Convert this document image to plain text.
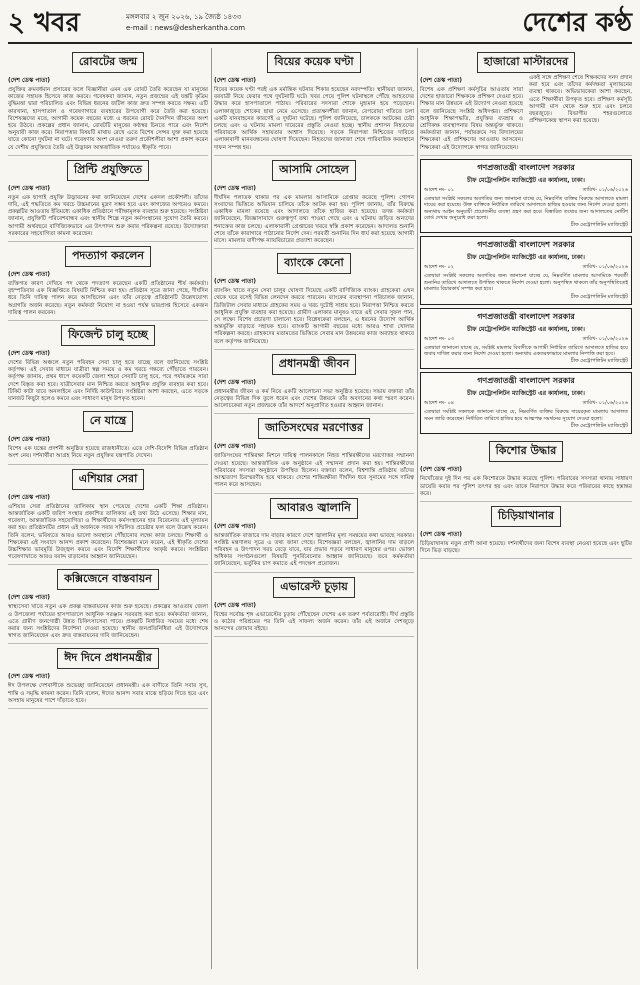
২ খবর	মঙ্গলবার ২ জুন ২০২৬, ১৯ জ্যৈষ্ঠ ১৪৩৩
e-mail : news@desherkantha.com	দেশের কণ্ঠ
রোবটের জন্ম
(দেশ ডেস্ক পাতা)
প্রযুক্তির ক্রমবর্ধমান প্রসারের ফলে বিজ্ঞানীরা এমন এক রোবট তৈরি করেছেন যা মানুষের কাজের সহায়ক হিসেবে কাজ করবে। গবেষকরা জানান, নতুন প্রজন্মের এই যন্ত্রটি কৃত্রিম বুদ্ধিমত্তা দ্বারা পরিচালিত এবং বিভিন্ন ধরনের জটিল কাজ দ্রুত সম্পন্ন করতে সক্ষম। এটি কারখানা, হাসপাতাল ও গবেষণাগারে ব্যবহারের উপযোগী করে তৈরি করা হয়েছে। বিশেষজ্ঞদের মতে, আগামী কয়েক বছরের মধ্যে এ ধরনের রোবট দৈনন্দিন জীবনের অংশ হয়ে উঠবে। প্রকল্পের প্রধান জানান, রোবটটি মানুষের কণ্ঠস্বর চিনতে পারে এবং নির্দেশ অনুযায়ী কাজ করে। নিরাপত্তার বিষয়টি মাথায় রেখে এতে বিশেষ সেন্সর যুক্ত করা হয়েছে যাতে কোনো দুর্ঘটনা না ঘটে। গবেষণায় অংশ নেওয়া তরুণ প্রকৌশলীরা আশা প্রকাশ করেন যে দেশীয় প্রযুক্তিতে তৈরি এই উদ্ভাবন আন্তর্জাতিক পর্যায়েও স্বীকৃতি পাবে।
প্রিন্টি প্রযুক্তিতে
(দেশ ডেস্ক পাতা)
নতুন এক ছাপাই প্রযুক্তি উদ্ভাবনের কথা জানিয়েছেন দেশের একদল প্রকৌশলী। তাঁদের দাবি, এই পদ্ধতিতে কম খরচে উচ্চমানের মুদ্রণ সম্ভব হবে এবং কাগজের অপচয়ও কমবে। প্রকল্পটির আওতায় ইতিমধ্যে একাধিক প্রতিষ্ঠানে পরীক্ষামূলক ব্যবহার শুরু হয়েছে। সংশ্লিষ্টরা জানান, প্রযুক্তিটি পরিবেশবান্ধব এবং স্থানীয় শিল্পে নতুন কর্মসংস্থানের সুযোগ তৈরি করবে। আগামী অর্থবছরে বাণিজ্যিকভাবে এর উৎপাদন শুরু করার পরিকল্পনা রয়েছে। উদ্যোক্তারা সরকারের সহযোগিতা কামনা করেছেন।
পদত্যাগ করলেন
(দেশ ডেস্ক পাতা)
ব্যক্তিগত কারণ দেখিয়ে পদ থেকে পদত্যাগ করেছেন একটি প্রতিষ্ঠানের শীর্ষ কর্মকর্তা। বৃহস্পতিবার এক বিজ্ঞপ্তিতে বিষয়টি নিশ্চিত করা হয়। প্রতিষ্ঠান সূত্রে জানা গেছে, দীর্ঘদিন ধরে তিনি দায়িত্ব পালন করে আসছিলেন এবং তাঁর নেতৃত্বে প্রতিষ্ঠানটি উল্লেখযোগ্য অগ্রগতি অর্জন করেছে। নতুন কর্মকর্তা নিয়োগ না হওয়া পর্যন্ত ভারপ্রাপ্ত হিসেবে একজন দায়িত্ব পালন করবেন।
ফিজেন্ট চালু হচ্ছে
(দেশ ডেস্ক পাতা)
দেশের বিভিন্ন অঞ্চলে নতুন পরিবহন সেবা চালু হতে যাচ্ছে বলে জানিয়েছে সংশ্লিষ্ট কর্তৃপক্ষ। এই সেবার মাধ্যমে যাত্রীরা স্বল্প সময়ে ও কম খরচে গন্তব্যে পৌঁছাতে পারবেন। কর্তৃপক্ষ জানায়, প্রথম ধাপে কয়েকটি জেলা শহরে সেবাটি চালু হবে, পরে পর্যায়ক্রমে সারা দেশে বিস্তৃত করা হবে। যাত্রীসেবার মান নিশ্চিত করতে আধুনিক প্রযুক্তি ব্যবহার করা হবে। টিকিট কাটা যাবে অনলাইনে এবং নির্দিষ্ট কাউন্টারে। সংশ্লিষ্টরা আশা করছেন, এতে সড়কে যানজট কিছুটা হলেও কমবে এবং সাধারণ মানুষ উপকৃত হবেন।
নে যান্ত্রে
(দেশ ডেস্ক পাতা)
বিশেষ এক যন্ত্রের প্রদর্শনী অনুষ্ঠিত হয়েছে রাজধানীতে। এতে দেশি-বিদেশি বিভিন্ন প্রতিষ্ঠান অংশ নেয়। দর্শনার্থীরা আগ্রহ নিয়ে নতুন প্রযুক্তির যন্ত্রপাতি দেখেন।
এশিয়ার সেরা
(দেশ ডেস্ক পাতা)
এশিয়ার সেরা প্রতিষ্ঠানের তালিকায় স্থান পেয়েছে দেশের একটি শিক্ষা প্রতিষ্ঠান। আন্তর্জাতিক একটি জরিপ সংস্থার প্রকাশিত তালিকায় এই তথ্য উঠে এসেছে। শিক্ষার মান, গবেষণা, আন্তর্জাতিক সহযোগিতা ও শিক্ষার্থীদের কর্মসংস্থানের হার বিবেচনায় এই মূল্যায়ন করা হয়। প্রতিষ্ঠানটির প্রধান এই অর্জনকে সবার সম্মিলিত প্রচেষ্টার ফল বলে উল্লেখ করেন। তিনি বলেন, ভবিষ্যতে আরও ভালো অবস্থানে পৌঁছানোর লক্ষ্যে কাজ চলছে। শিক্ষার্থী ও শিক্ষকেরা এই সংবাদে আনন্দ প্রকাশ করেছেন। বিশেষজ্ঞরা মনে করেন, এই স্বীকৃতি দেশের উচ্চশিক্ষার ভাবমূর্তি উজ্জ্বল করবে এবং বিদেশি শিক্ষার্থীদের আকৃষ্ট করবে। সংশ্লিষ্টরা গবেষণাখাতে আরও বরাদ্দ বাড়ানোর আহ্বান জানিয়েছেন।
কক্সিজেনে বাস্তবায়ন
(দেশ ডেস্ক পাতা)
স্বাস্থ্যসেবা খাতে নতুন এক প্রকল্প বাস্তবায়নের কাজ শুরু হয়েছে। প্রকল্পের আওতায় জেলা ও উপজেলা পর্যায়ের হাসপাতালে আধুনিক সরঞ্জাম সরবরাহ করা হবে। কর্মকর্তারা জানান, এতে গ্রামীণ জনগোষ্ঠী উন্নত চিকিৎসাসেবা পাবে। প্রকল্পটি নির্ধারিত সময়ের মধ্যে শেষ করার জন্য সংশ্লিষ্টদের নির্দেশনা দেওয়া হয়েছে। স্থানীয় জনপ্রতিনিধিরা এই উদ্যোগকে স্বাগত জানিয়েছেন এবং দ্রুত বাস্তবায়নের দাবি জানিয়েছেন।
ঈদ দিনে প্রধানমন্ত্রীর
(দেশ ডেস্ক পাতা)
ঈদ উপলক্ষে দেশবাসীকে শুভেচ্ছা জানিয়েছেন প্রধানমন্ত্রী। এক বাণীতে তিনি সবার সুখ, শান্তি ও সমৃদ্ধি কামনা করেন। তিনি বলেন, ঈদের আনন্দ সবার মাঝে ছড়িয়ে দিতে হবে এবং অসহায় মানুষের পাশে দাঁড়াতে হবে।
বিয়ের কয়েক ঘণ্টা
(দেশ ডেস্ক পাতা)
বিয়ের কয়েক ঘণ্টা পরই এক মর্মান্তিক ঘটনার শিকার হয়েছেন নবদম্পতি। স্থানীয়রা জানান, বরযাত্রী নিয়ে ফেরার পথে দুর্ঘটনাটি ঘটে। খবর পেয়ে পুলিশ ঘটনাস্থলে পৌঁছে আহতদের উদ্ধার করে হাসপাতালে পাঠায়। পরিবারের সদস্যরা শোকে মুহ্যমান হয়ে পড়েছেন। এলাকাজুড়ে শোকের ছায়া নেমে এসেছে। প্রত্যক্ষদর্শীরা জানান, বেপরোয়া গতিতে চলা একটি যানবাহনের কারণেই এ দুর্ঘটনা ঘটেছে। পুলিশ জানিয়েছে, চালককে আটকের চেষ্টা চলছে এবং এ ঘটনায় মামলা দায়েরের প্রস্তুতি নেওয়া হচ্ছে। স্থানীয় প্রশাসন নিহতদের পরিবারকে আর্থিক সহায়তার আশ্বাস দিয়েছে। সড়কে নিরাপত্তা নিশ্চিতের দাবিতে এলাকাবাসী মানববন্ধনের ঘোষণা দিয়েছেন। নিহতদের জানাজা শেষে পারিবারিক কবরস্থানে দাফন সম্পন্ন হয়।
আসামি সোহেল
(দেশ ডেস্ক পাতা)
দীর্ঘদিন পলাতক থাকার পর এক মামলার আসামিকে গ্রেপ্তার করেছে পুলিশ। গোপন সংবাদের ভিত্তিতে অভিযান চালিয়ে তাঁকে আটক করা হয়। পুলিশ জানায়, তাঁর বিরুদ্ধে একাধিক মামলা রয়েছে এবং আদালতে তাঁকে হাজির করা হয়েছে। তদন্ত কর্মকর্তা জানিয়েছেন, জিজ্ঞাসাবাদে গুরুত্বপূর্ণ তথ্য পাওয়া গেছে এবং এ ঘটনায় জড়িত অন্যদের শনাক্তের কাজ চলছে। এলাকাবাসী গ্রেপ্তারের খবরে স্বস্তি প্রকাশ করেছেন। আদালত শুনানি শেষে তাঁকে কারাগারে পাঠানোর নির্দেশ দেন। পরবর্তী শুনানির দিন ধার্য করা হয়েছে আগামী মাসে। মামলার বাদীপক্ষ ন্যায়বিচারের প্রত্যাশা করেছেন।
ব্যাংকে কেনো
(দেশ ডেস্ক পাতা)
ব্যাংকিং খাতে নতুন সেবা চালুর ঘোষণা দিয়েছে একটি বাণিজ্যিক ব্যাংক। গ্রাহকেরা এখন থেকে ঘরে বসেই বিভিন্ন লেনদেন করতে পারবেন। ব্যাংকের ব্যবস্থাপনা পরিচালক জানান, ডিজিটাল সেবার মাধ্যমে গ্রাহকের সময় ও খরচ দুটোই সাশ্রয় হবে। নিরাপত্তা নিশ্চিত করতে আধুনিক প্রযুক্তি ব্যবহার করা হয়েছে। গ্রামীণ এলাকার মানুষও যাতে এই সেবার সুফল পান, সে লক্ষ্যে বিশেষ প্রচারণা চালানো হবে। বিশ্লেষকেরা বলছেন, এ ধরনের উদ্যোগ আর্থিক অন্তর্ভুক্তি বাড়াতে সহায়ক হবে। ব্যাংকটি আগামী বছরের মধ্যে আরও শাখা খোলার পরিকল্পনা করছে। গ্রাহকদের মতামতের ভিত্তিতে সেবার মান উন্নয়নের কাজ অব্যাহত থাকবে বলে কর্তৃপক্ষ জানিয়েছে।
প্রধানমন্ত্রী জীবন
(দেশ ডেস্ক পাতা)
প্রধানমন্ত্রীর জীবন ও কর্ম নিয়ে একটি আলোচনা সভা অনুষ্ঠিত হয়েছে। সভায় বক্তারা তাঁর নেতৃত্বের বিভিন্ন দিক তুলে ধরেন এবং দেশের উন্নয়নে তাঁর অবদানের কথা স্মরণ করেন। আলোচকেরা নতুন প্রজন্মকে তাঁর আদর্শে অনুপ্রাণিত হওয়ার আহ্বান জানান।
জাতিসংঘের মরণোত্তর
(দেশ ডেস্ক পাতা)
জাতিসংঘের শান্তিরক্ষা মিশনে দায়িত্ব পালনকালে নিহত শান্তিরক্ষীদের মরণোত্তর সম্মাননা দেওয়া হয়েছে। আন্তর্জাতিক এক অনুষ্ঠানে এই সম্মাননা প্রদান করা হয়। শান্তিরক্ষীদের পরিবারের সদস্যরা অনুষ্ঠানে উপস্থিত ছিলেন। বক্তারা বলেন, বিশ্বশান্তি প্রতিষ্ঠায় তাঁদের আত্মত্যাগ চিরস্মরণীয় হয়ে থাকবে। দেশের শান্তিরক্ষীরা দীর্ঘদিন ধরে সুনামের সঙ্গে দায়িত্ব পালন করে আসছেন।
আবারও জ্বালানি
(দেশ ডেস্ক পাতা)
আন্তর্জাতিক বাজারে দাম বাড়ার কারণে দেশে জ্বালানির মূল্য সমন্বয়ের কথা ভাবছে সরকার। সংশ্লিষ্ট মন্ত্রণালয় সূত্রে এ তথ্য জানা গেছে। বিশেষজ্ঞরা বলছেন, জ্বালানির দাম বাড়লে পরিবহন ও উৎপাদন খরচ বেড়ে যাবে, যার প্রভাব পড়বে সাধারণ মানুষের ওপর। ভোক্তা অধিকার সংগঠনগুলো বিষয়টি পুনর্বিবেচনার আহ্বান জানিয়েছে। তবে কর্মকর্তারা জানিয়েছেন, ভর্তুকির চাপ কমাতে এই পদক্ষেপ প্রয়োজন।
এভারেস্ট চূড়ায়
(দেশ ডেস্ক পাতা)
বিশ্বের সর্বোচ্চ শৃঙ্গ এভারেস্টের চূড়ায় পৌঁছেছেন দেশের এক তরুণ পর্বতারোহী। দীর্ঘ প্রস্তুতি ও কঠোর পরিশ্রমের পর তিনি এই সাফল্য অর্জন করেন। তাঁর এই অর্জনে দেশজুড়ে আনন্দের জোয়ার বইছে।
হাজারো মাস্টারদের
(দেশ ডেস্ক পাতা)
বিশেষ এক প্রশিক্ষণ কর্মসূচির আওতায় সারা দেশের হাজারো শিক্ষককে প্রশিক্ষণ দেওয়া হবে। শিক্ষার মান উন্নয়নে এই উদ্যোগ নেওয়া হয়েছে বলে জানিয়েছে সংশ্লিষ্ট অধিদপ্তর। প্রশিক্ষণে আধুনিক শিক্ষাপদ্ধতি, প্রযুক্তির ব্যবহার ও শ্রেণিকক্ষ ব্যবস্থাপনার বিষয় অন্তর্ভুক্ত থাকবে। কর্মকর্তারা জানান, পর্যায়ক্রমে সব বিদ্যালয়ের শিক্ষকেরা এই প্রশিক্ষণের আওতায় আসবেন। শিক্ষকেরা এই উদ্যোগকে স্বাগত জানিয়েছেন।
একই সঙ্গে প্রশিক্ষণ শেষে শিক্ষকদের সনদ প্রদান করা হবে এবং তাঁদের কর্মদক্ষতা মূল্যায়নের ব্যবস্থা থাকবে। অভিভাবকেরা আশা করছেন, এতে শিক্ষার্থীরা উপকৃত হবে। প্রশিক্ষণ কর্মসূচি আগামী মাস থেকে শুরু হবে এবং চলবে বছরজুড়ে। বিভাগীয় শহরগুলোতে প্রশিক্ষণকেন্দ্র স্থাপন করা হয়েছে।
গণপ্রজাতন্ত্রী বাংলাদেশ সরকার
চীফ মেট্রোপলিটন ম্যাজিস্ট্রেট এর কার্যালয়, ঢাকা।
আদেশ নং- ০১	তারিখ- ০১/০৬/২০২৬
এতদ্বারা সংশ্লিষ্ট সকলের অবগতির জন্য জানানো যাচ্ছে যে, নিম্নবর্ণিত ব্যক্তির বিরুদ্ধে আদালতে মামলা দায়ের করা হয়েছে। উক্ত ব্যক্তিকে নির্ধারিত তারিখে আদালতে হাজির হওয়ার জন্য নির্দেশ দেওয়া হলো। অন্যথায় আইন অনুযায়ী প্রয়োজনীয় ব্যবস্থা গ্রহণ করা হবে। বিস্তারিত তথ্যের জন্য আদালতের নোটিশ বোর্ড দেখার অনুরোধ করা হলো।
চীফ মেট্রোপলিটন ম্যাজিস্ট্রেট
গণপ্রজাতন্ত্রী বাংলাদেশ সরকার
চীফ মেট্রোপলিটন ম্যাজিস্ট্রেট এর কার্যালয়, ঢাকা।
আদেশ নং- ০২	তারিখ- ০১/০৬/২০২৬
এতদ্বারা সংশ্লিষ্ট সকলের অবগতির জন্য জানানো যাচ্ছে যে, নিম্নবর্ণিত মামলার আসামিকে পরবর্তী শুনানির তারিখে আদালতে উপস্থিত থাকতে নির্দেশ দেওয়া হলো। অনুপস্থিত থাকলে তাঁর অনুপস্থিতিতেই মামলার বিচারকার্য সম্পন্ন করা হবে।
চীফ মেট্রোপলিটন ম্যাজিস্ট্রেট
গণপ্রজাতন্ত্রী বাংলাদেশ সরকার
চীফ মেট্রোপলিটন ম্যাজিস্ট্রেট এর কার্যালয়, ঢাকা।
আদেশ নং- ০৩	তারিখ- ০১/০৬/২০২৬
এতদ্বারা জানানো যাচ্ছে যে, সংশ্লিষ্ট মামলার বিবাদীকে আগামী নির্ধারিত তারিখে আদালতে হাজির হয়ে জবাব দাখিল করার জন্য নির্দেশ দেওয়া হলো। অন্যথায় একতরফাভাবে মামলার নিষ্পত্তি করা হবে।
চীফ মেট্রোপলিটন ম্যাজিস্ট্রেট
গণপ্রজাতন্ত্রী বাংলাদেশ সরকার
চীফ মেট্রোপলিটন ম্যাজিস্ট্রেট এর কার্যালয়, ঢাকা।
আদেশ নং- ০৪	তারিখ- ০১/০৬/২০২৬
এতদ্বারা সংশ্লিষ্ট সকলকে জানানো যাচ্ছে যে, নিম্নবর্ণিত ব্যক্তির বিরুদ্ধে দায়েরকৃত মামলায় আদালত সমন জারি করেছেন। নির্ধারিত তারিখে হাজির হয়ে আত্মপক্ষ সমর্থনের সুযোগ দেওয়া হলো।
চীফ মেট্রোপলিটন ম্যাজিস্ট্রেট
কিশোর উদ্ধার
(দেশ ডেস্ক পাতা)
নিখোঁজের দুই দিন পর এক কিশোরকে উদ্ধার করেছে পুলিশ। পরিবারের সদস্যরা থানায় সাধারণ ডায়েরি করার পর পুলিশ তৎপর হয় এবং তাকে নিরাপদে উদ্ধার করে পরিবারের কাছে হস্তান্তর করে।
চিড়িয়াখানার
(দেশ ডেস্ক পাতা)
চিড়িয়াখানায় নতুন প্রাণী আনা হয়েছে। দর্শনার্থীদের জন্য বিশেষ ব্যবস্থা নেওয়া হয়েছে এবং ছুটির দিনে ভিড় বাড়ছে।
